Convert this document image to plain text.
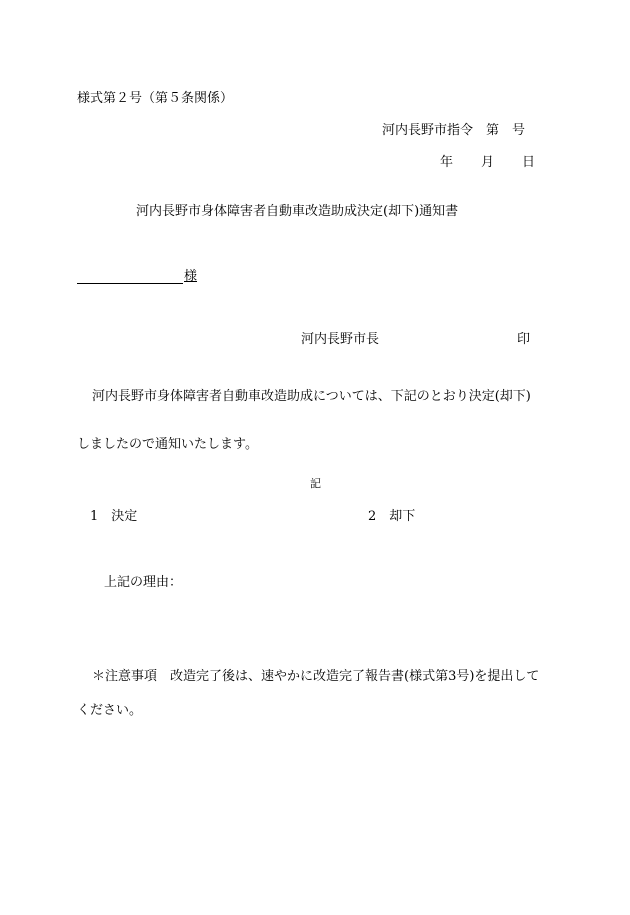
様式第２号（第５条関係）
河内長野市指令　第　号
年 月 日
河内長野市身体障害者自動車改造助成決定(却下)通知書
様
河内長野市長	印
河内長野市身体障害者自動車改造助成については、下記のとおり決定(却下)
しましたので通知いたします。
記
1　決定	2　却下
上記の理由：
＊注意事項　改造完了後は、速やかに改造完了報告書(様式第3号)を提出して
ください。
